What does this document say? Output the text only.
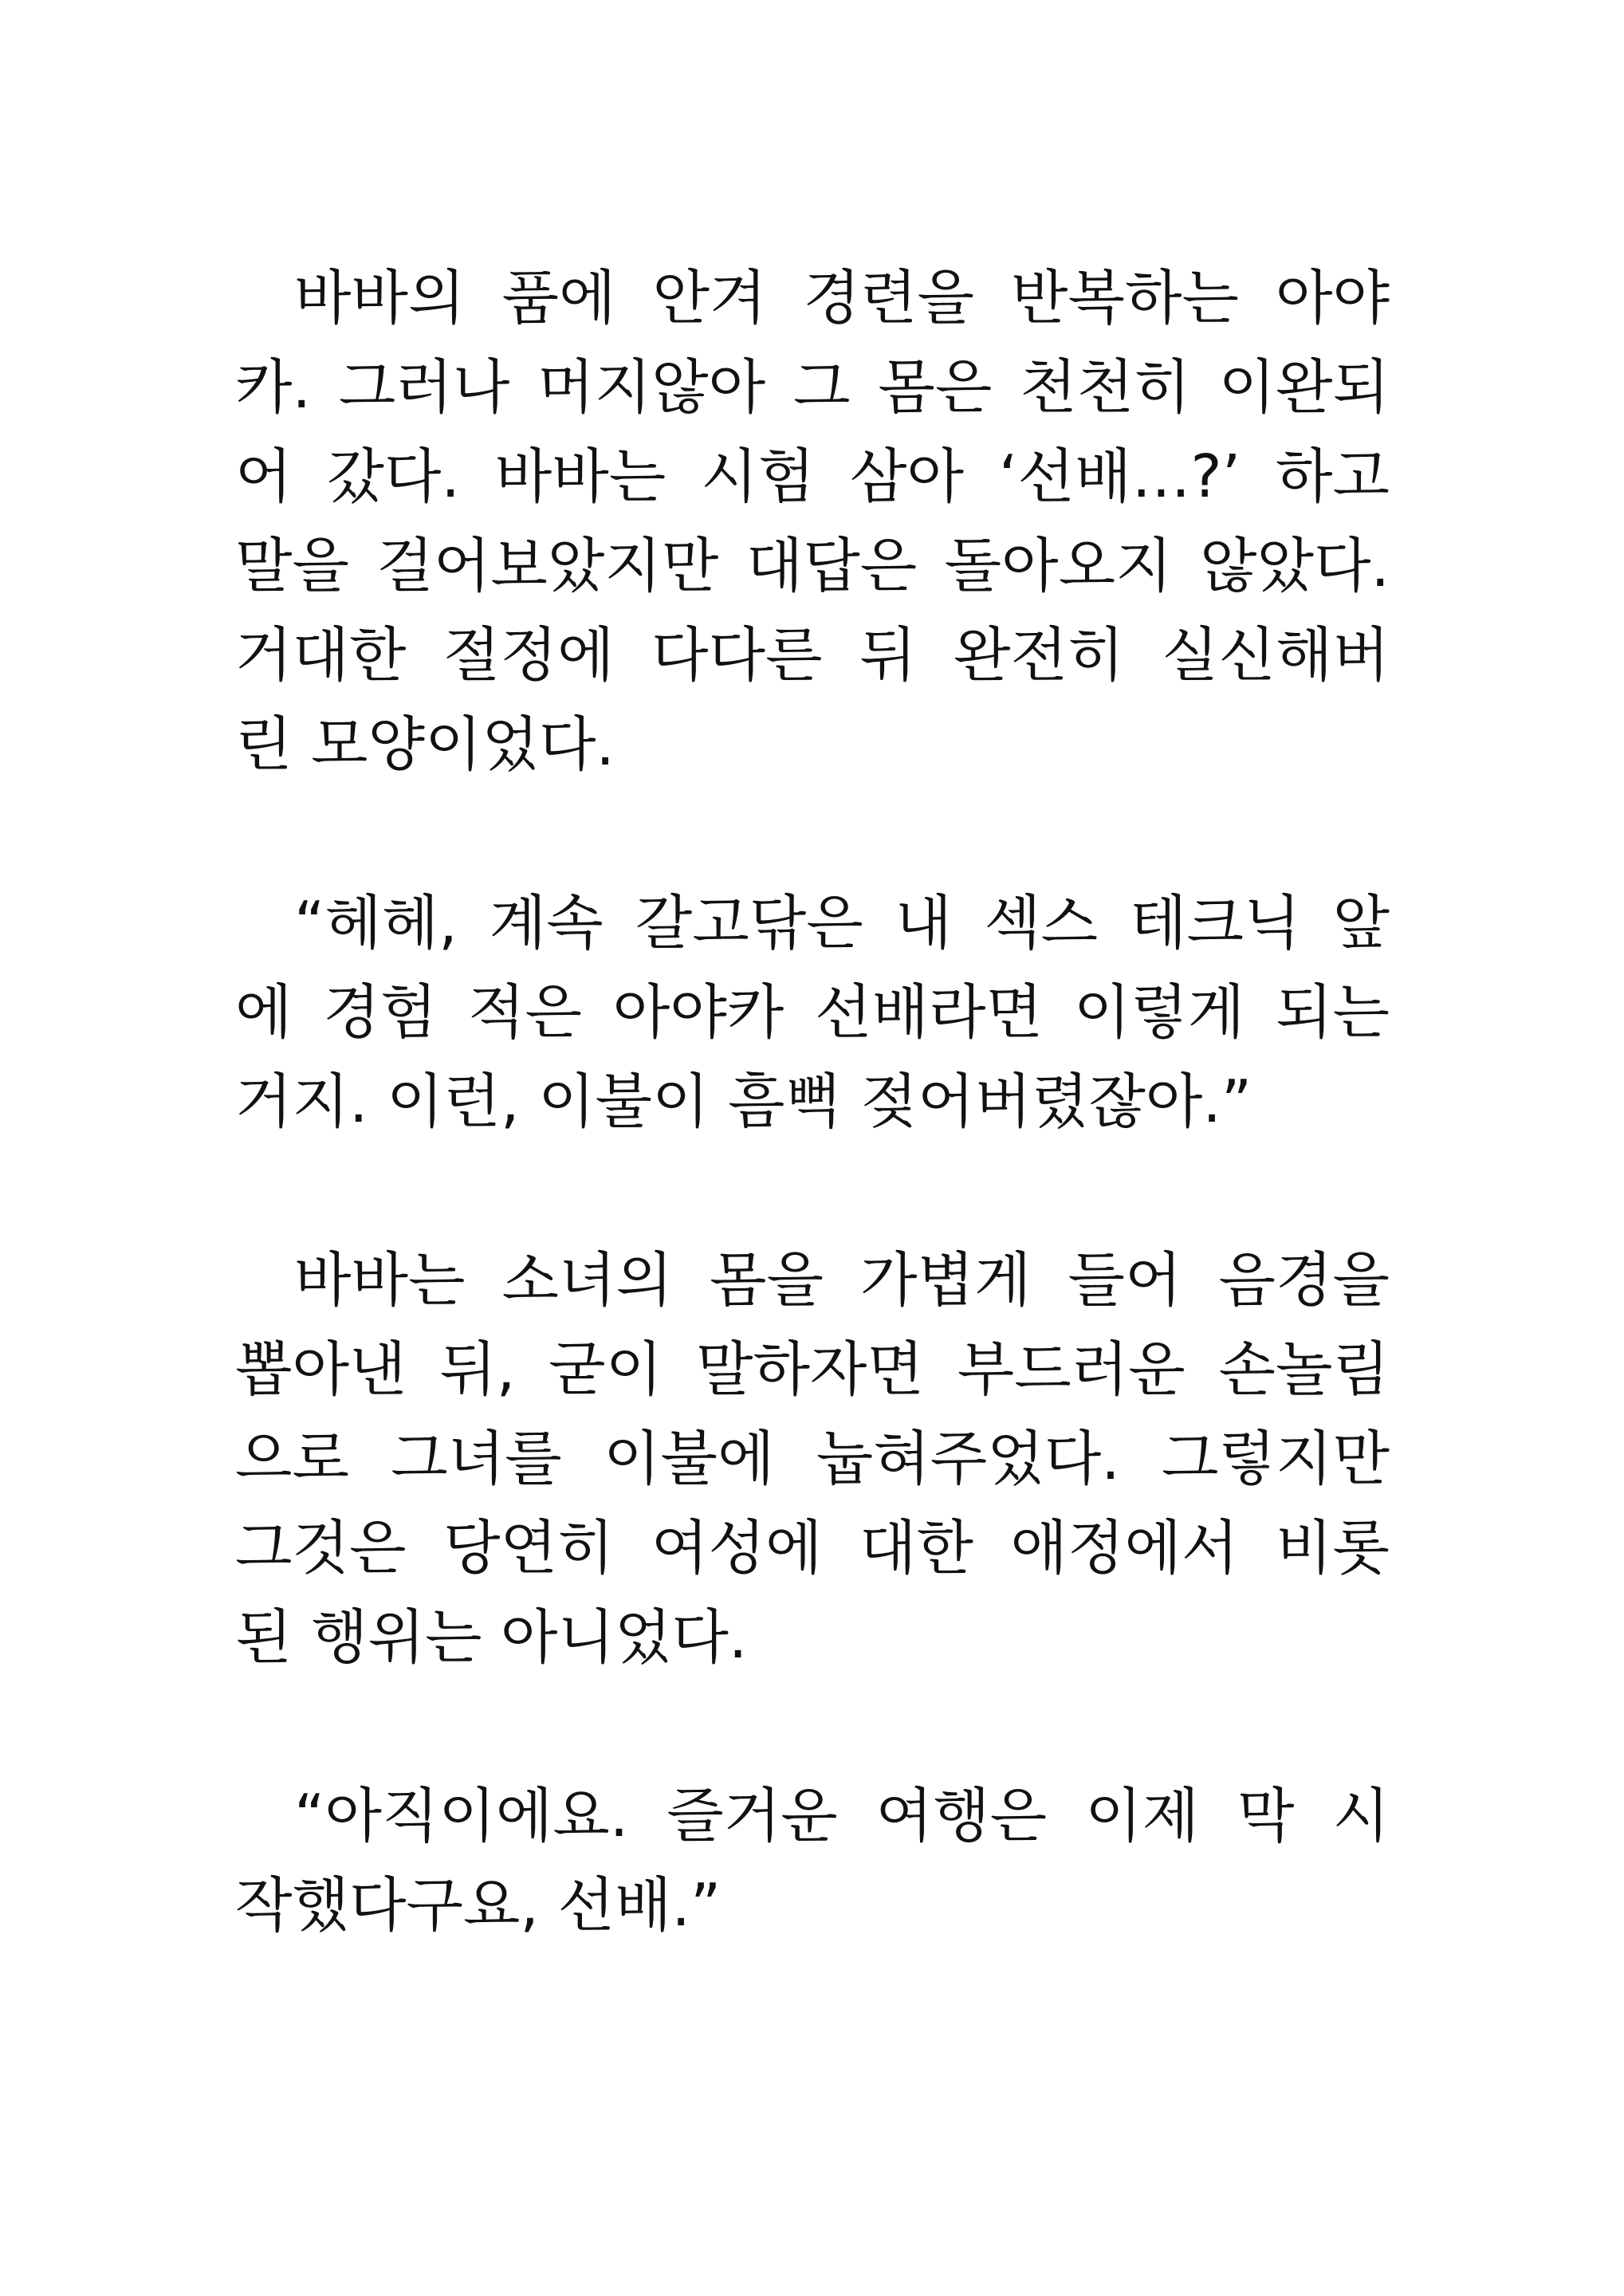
바바의 품에 안겨 경련을 반복하는 아야
카. 그러나 머지않아 그 몸은 천천히 이완되
어 갔다. 바바는 시험 삼아 ‘선배…?’ 하고
말을 걸어보았지만 대답은 돌아오지 않았다.
거대한 절정에 다다른 뒤 완전히 실신해버
린 모양이었다.

“헤헤, 계속 갈고닦은 내 섹스 테크닉 앞
에 경험 적은 아야카 선배라면 이렇게 되는
거지. 이런, 이불이 흠뻑 젖어버렸잖아.”

바바는 소녀의 몸을 가볍게 들어 음경을
뽑아낸 뒤, 굳이 말하자면 부드러운 손놀림
으로 그녀를 이불에 눕혀주었다. 그렇지만
그것은 당연히 여성에 대한 애정에서 비롯
된 행위는 아니었다.

“아직이에요. 즐거운 여행은 이제 막 시
작했다구요, 선배.”
